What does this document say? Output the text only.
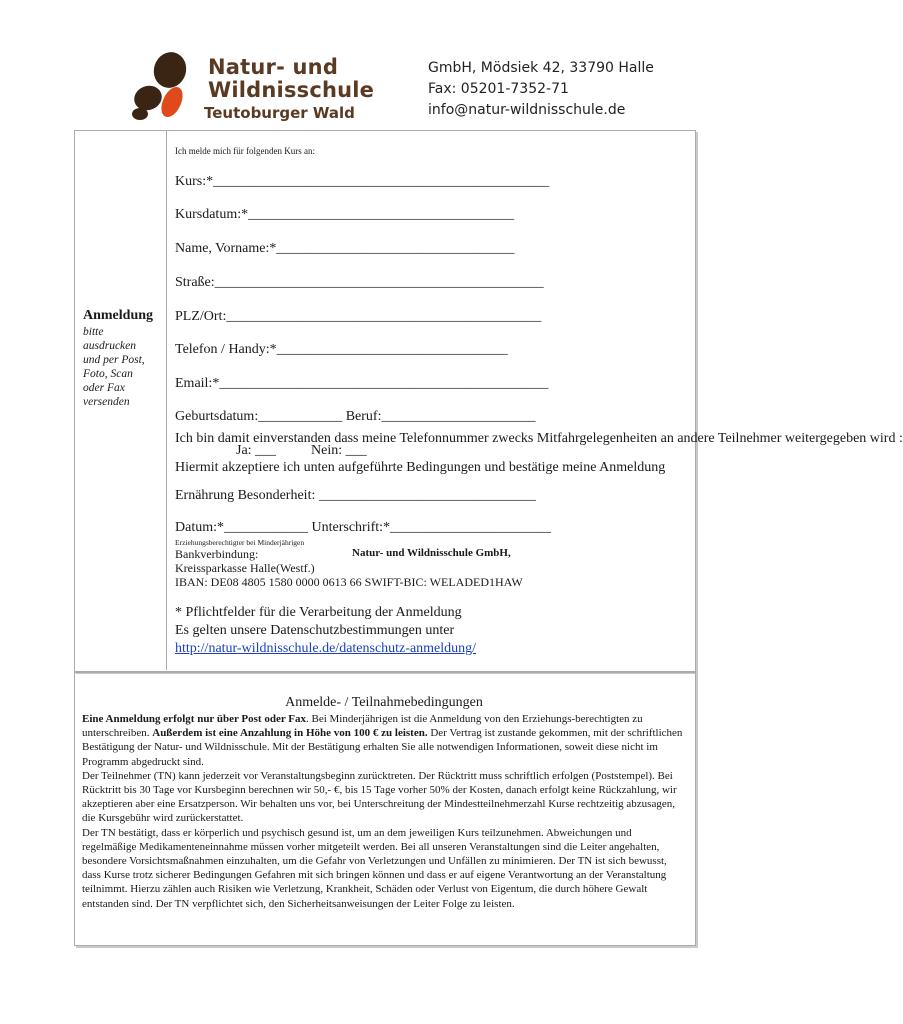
Natur- und
Wildnisschule
Teutoburger Wald
GmbH, Mödsiek 42, 33790 Halle
Fax: 05201-7352-71
info@natur-wildnisschule.de
Anmeldung
bitte
ausdrucken
und per Post,
Foto, Scan
oder Fax
versenden
Ich melde mich für folgenden Kurs an:
Kurs:*________________________________________________
Kursdatum:*______________________________________
Name, Vorname:*__________________________________
Straße:_______________________________________________
PLZ/Ort:_____________________________________________
Telefon / Handy:*_________________________________
Email:*_______________________________________________
Geburtsdatum:____________ Beruf:______________________
Ich bin damit einverstanden dass meine Telefonnummer zwecks Mitfahrgelegenheiten an andere Teilnehmer weitergegeben wird :
Ja: ___          Nein: ___
Hiermit akzeptiere ich unten aufgeführte Bedingungen und bestätige meine Anmeldung
Ernährung Besonderheit: _______________________________
Datum:*____________ Unterschrift:*_______________________
Erziehungsberechtigter bei Minderjährigen
Bankverbindung:	Natur- und Wildnisschule GmbH,
Kreissparkasse Halle(Westf.)
IBAN: DE08 4805 1580 0000 0613 66 SWIFT-BIC: WELADED1HAW
* Pflichtfelder für die Verarbeitung der Anmeldung
Es gelten unsere Datenschutzbestimmungen unter
http://natur-wildnisschule.de/datenschutz-anmeldung/
Anmelde- / Teilnahmebedingungen

Eine Anmeldung erfolgt nur über Post oder Fax. Bei Minderjährigen ist die Anmeldung von den Erziehungs-berechtigten zu unterschreiben. Außerdem ist eine Anzahlung in Höhe von 100 € zu leisten. Der Vertrag ist zustande gekommen, mit der schriftlichen Bestätigung der Natur- und Wildnisschule. Mit der Bestätigung erhalten Sie alle notwendigen Informationen, soweit diese nicht im Programm abgedruckt sind.

Der Teilnehmer (TN) kann jederzeit vor Veranstaltungsbeginn zurücktreten. Der Rücktritt muss schriftlich erfolgen (Poststempel). Bei Rücktritt bis 30 Tage vor Kursbeginn berechnen wir 50,- €, bis 15 Tage vorher 50% der Kosten, danach erfolgt keine Rückzahlung, wir akzeptieren aber eine Ersatzperson. Wir behalten uns vor, bei Unterschreitung der Mindestteilnehmerzahl Kurse rechtzeitig abzusagen, die Kursgebühr wird zurückerstattet.

Der TN bestätigt, dass er körperlich und psychisch gesund ist, um an dem jeweiligen Kurs teilzunehmen. Abweichungen und regelmäßige Medikamenteneinnahme müssen vorher mitgeteilt werden. Bei all unseren Veranstaltungen sind die Leiter angehalten, besondere Vorsichtsmaßnahmen einzuhalten, um die Gefahr von Verletzungen und Unfällen zu minimieren. Der TN ist sich bewusst, dass Kurse trotz sicherer Bedingungen Gefahren mit sich bringen können und dass er auf eigene Verantwortung an der Veranstaltung teilnimmt. Hierzu zählen auch Risiken wie Verletzung, Krankheit, Schäden oder Verlust von Eigentum, die durch höhere Gewalt entstanden sind. Der TN verpflichtet sich, den Sicherheitsanweisungen der Leiter Folge zu leisten.
